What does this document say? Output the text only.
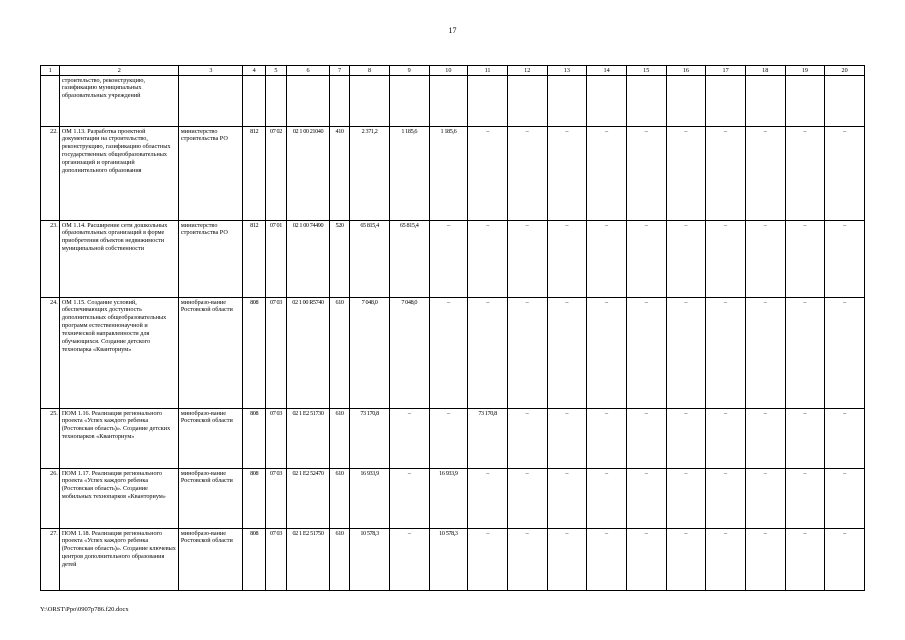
17
1	2	3	4	5	6	7	8	9	10	11	12	13	14	15	16	17	18	19	20
	строительство, реконструкцию, газификацию муниципальных образовательных учреждений																		
22.	ОМ 1.13. Разработка проектной документации на строительство, реконструкцию, газификацию областных государственных общеобразовательных организаций и организаций дополнительного образования	министерство строительства РО	812	07 02	02 1 00 21040	410	2 371,2	1 185,6	1 185,6	–	–	–	–	–	–	–	–	–	–
23.	ОМ 1.14. Расширение сети дошкольных образовательных организаций в форме приобретения объектов недвижимости муниципальной собственности	министерство строительства РО	812	07 01	02 1 00 74490	520	65 815,4	65 815,4	–	–	–	–	–	–	–	–	–	–	–
24.	ОМ 1.15. Создание условий, обеспечивающих доступность дополнительных общеобразовательных программ естественнонаучной и технической направленности для обучающихся. Создание детского технопарка «Кванториум»	минобразо-вание Ростовской области	808	07 03	02 1 00 R5740	610	7 048,0	7 048,0	–	–	–	–	–	–	–	–	–	–	–
25.	ПОМ 1.16. Реализация регионального проекта «Успех каждого ребенка (Ростовская область)». Создание детских технопарков «Кванториум»	минобразо-вание Ростовской области	808	07 03	02 1 E2 51730	610	73 170,8	–	–	73 170,8	–	–	–	–	–	–	–	–	–
26.	ПОМ 1.17. Реализация регионального проекта «Успех каждого ребенка (Ростовская область)». Создание мобильных технопарков «Кванториум»	минобразо-вание Ростовской области	808	07 03	02 1 E2 52470	610	16 933,9	–	16 933,9	–	–	–	–	–	–	–	–	–	–
27.	ПОМ 1.18. Реализация регионального проекта «Успех каждого ребенка (Ростовская область)». Создание ключевых центров дополнительного образования детей	минобразо-вание Ростовской области	808	07 03	02 1 E2 51750	610	10 578,3	–	10 578,3	–	–	–	–	–	–	–	–	–	–
Y:\ORST\Ppo\0907p786.f20.docx
